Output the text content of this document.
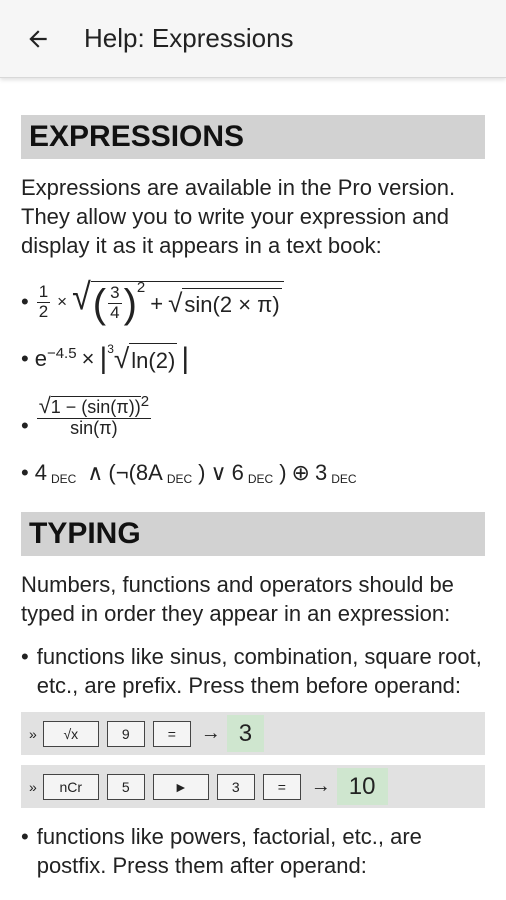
Help: Expressions
EXPRESSIONS
Expressions are available in the Pro version. They allow you to write your expression and display it as it appears in a text book:
• $\frac{1}{2}$ × √ ( $\frac{3}{4}$ ) 2
+ √ sin(2 × π)
• e −4.5 × | 3 √ ln(2) |
• $\frac{√1 - (\sin(\pi))^2}{\sin(\pi)}$
• 4 DEC ∧ (¬(8A DEC ) ∨ 6 DEC ) ⊕ 3 DEC
TYPING
Numbers, functions and operators should be typed in order they appear in an expression:
• functions like sinus, combination, square root, etc., are prefix. Press them before operand:
»	√x	9	=	→ 3
»	nCr	5	►	3	=	→ 10
• functions like powers, factorial, etc., are postfix. Press them after operand:
